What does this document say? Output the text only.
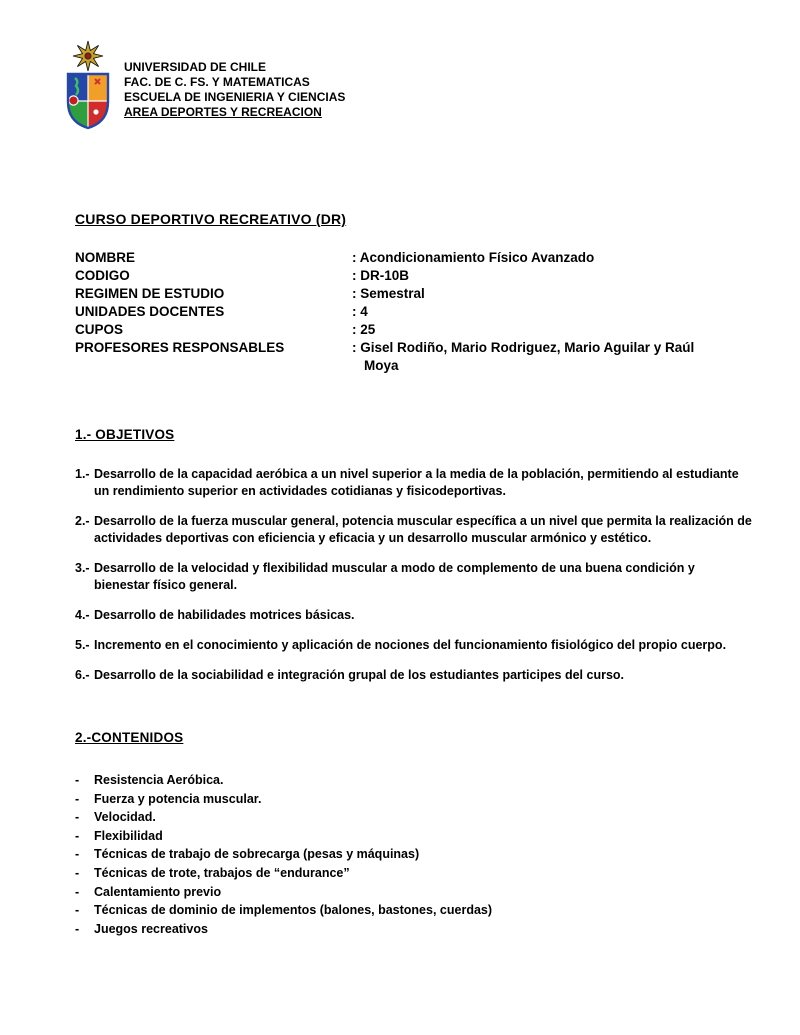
UNIVERSIDAD DE CHILE
FAC. DE C. FS. Y MATEMATICAS
ESCUELA DE INGENIERIA Y CIENCIAS
AREA DEPORTES Y RECREACION
CURSO DEPORTIVO RECREATIVO (DR)
NOMBRE	: Acondicionamiento Físico Avanzado
CODIGO	: DR-10B
REGIMEN DE ESTUDIO	: Semestral
UNIDADES DOCENTES	: 4
CUPOS	: 25
PROFESORES RESPONSABLES	: Gisel Rodiño, Mario Rodriguez, Mario Aguilar y Raúl
Moya
1.- OBJETIVOS
1.- Desarrollo de la capacidad aeróbica a un nivel superior a la media de la población, permitiendo al estudiante un rendimiento superior en actividades cotidianas y fisicodeportivas.
2.- Desarrollo de la fuerza muscular general, potencia muscular específica a un nivel que permita la realización de actividades deportivas con eficiencia y eficacia y un desarrollo muscular armónico y estético.
3.- Desarrollo de la velocidad y flexibilidad muscular a modo de complemento de una buena condición y bienestar físico general.
4.- Desarrollo de habilidades motrices básicas.
5.- Incremento en el conocimiento y aplicación de nociones del funcionamiento fisiológico del propio cuerpo.
6.- Desarrollo de la sociabilidad e integración grupal de los estudiantes participes del curso.
2.-CONTENIDOS
-	Resistencia Aeróbica.
-	Fuerza y potencia muscular.
-	Velocidad.
-	Flexibilidad
-	Técnicas de trabajo de sobrecarga (pesas y máquinas)
-	Técnicas de trote, trabajos de “endurance”
-	Calentamiento previo
-	Técnicas de dominio de implementos (balones, bastones, cuerdas)
-	Juegos recreativos
